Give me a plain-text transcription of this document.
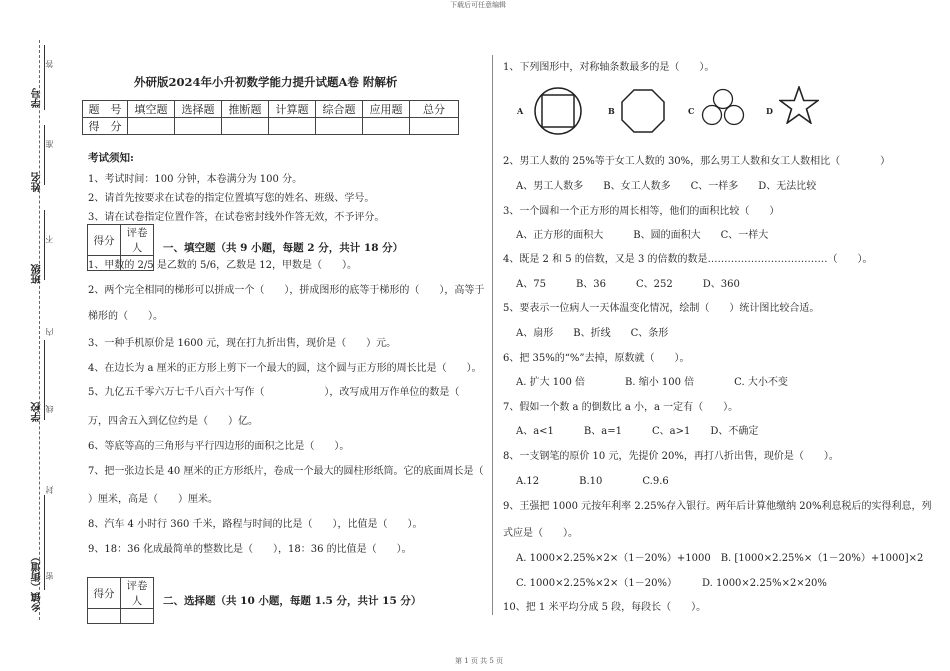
下载后可任意编辑
第 1 页 共 5 页
学号
姓名
班级
学校
乡镇（街道）
答
准
不
内
线
封
密
外研版2024年小升初数学能力提升试题A卷 附解析
题　号	填空题	选择题	推断题	计算题	综合题	应用题	总分
得　分							
考试须知:
1、考试时间：100 分钟，本卷满分为 100 分。
2、请首先按要求在试卷的指定位置填写您的姓名、班级、学号。
3、请在试卷指定位置作答，在试卷密封线外作答无效，不予评分。
得分	评卷人
	一、填空题（共 9 小题，每题 2 分，共计 18 分）
1、甲数的 2/5 是乙数的 5/6，乙数是 12，甲数是（　　）。
2、两个完全相同的梯形可以拼成一个（　　），拼成图形的底等于梯形的（　　），高等于
梯形的（　　）。
3、一种手机原价是 1600 元，现在打九折出售，现价是（　　）元。
4、在边长为 a 厘米的正方形上剪下一个最大的圆，这个圆与正方形的周长比是（　　）。
5、九亿五千零六万七千八百六十写作（　　　　　　），改写成用万作单位的数是（　　　
万，四舍五入到亿位约是（　　）亿。
6、等底等高的三角形与平行四边形的面积之比是（　　）。
7、把一张边长是 40 厘米的正方形纸片，卷成一个最大的圆柱形纸筒。它的底面周长是（
）厘米，高是（　　）厘米。
8、汽车 4 小时行 360 千米，路程与时间的比是（　　），比值是（　　）。
9、18：36 化成最简单的整数比是（　　），18：36 的比值是（　　）。
得分	评卷人
	二、选择题（共 10 小题，每题 1.5 分，共计 15 分）
1、下列图形中，对称轴条数最多的是（　　）。
A	B	C	D
2、男工人数的 25%等于女工人数的 30%，那么男工人数和女工人数相比（　　　　）
A、男工人数多　　B、女工人数多　　C、一样多　　D、无法比较
3、一个圆和一个正方形的周长相等，他们的面积比较（　　）
A、正方形的面积大　　　B、圆的面积大　　C、一样大
4、既是 2 和 5 的倍数，又是 3 的倍数的数是………………………………（　　）。
A、75　　　B、36　　　C、252　　　D、360
5、要表示一位病人一天体温变化情况，绘制（　　）统计图比较合适。
A、扇形　　B、折线　　C、条形
6、把 35%的“%”去掉，原数就（　　）。
A. 扩大 100 倍　　　　B. 缩小 100 倍　　　　C. 大小不变
7、假如一个数 a 的倒数比 a 小，a 一定有（　　）。
A、a<1　　　B、a=1　　　C、a>1　　D、不确定
8、一支钢笔的原价 10 元，先提价 20%，再打八折出售，现价是（　　）。
A.12　　　　B.10　　　　C.9.6
9、王强把 1000 元按年利率 2.25%存入银行。两年后计算他缴纳 20%利息税后的实得利息，列
式应是（　　）。
A. 1000×2.25%×2×（1－20%）+1000　B. [1000×2.25%×（1－20%）+1000]×2
C. 1000×2.25%×2×（1－20%）　　　D. 1000×2.25%×2×20%
10、把 1 米平均分成 5 段，每段长（　　）。
